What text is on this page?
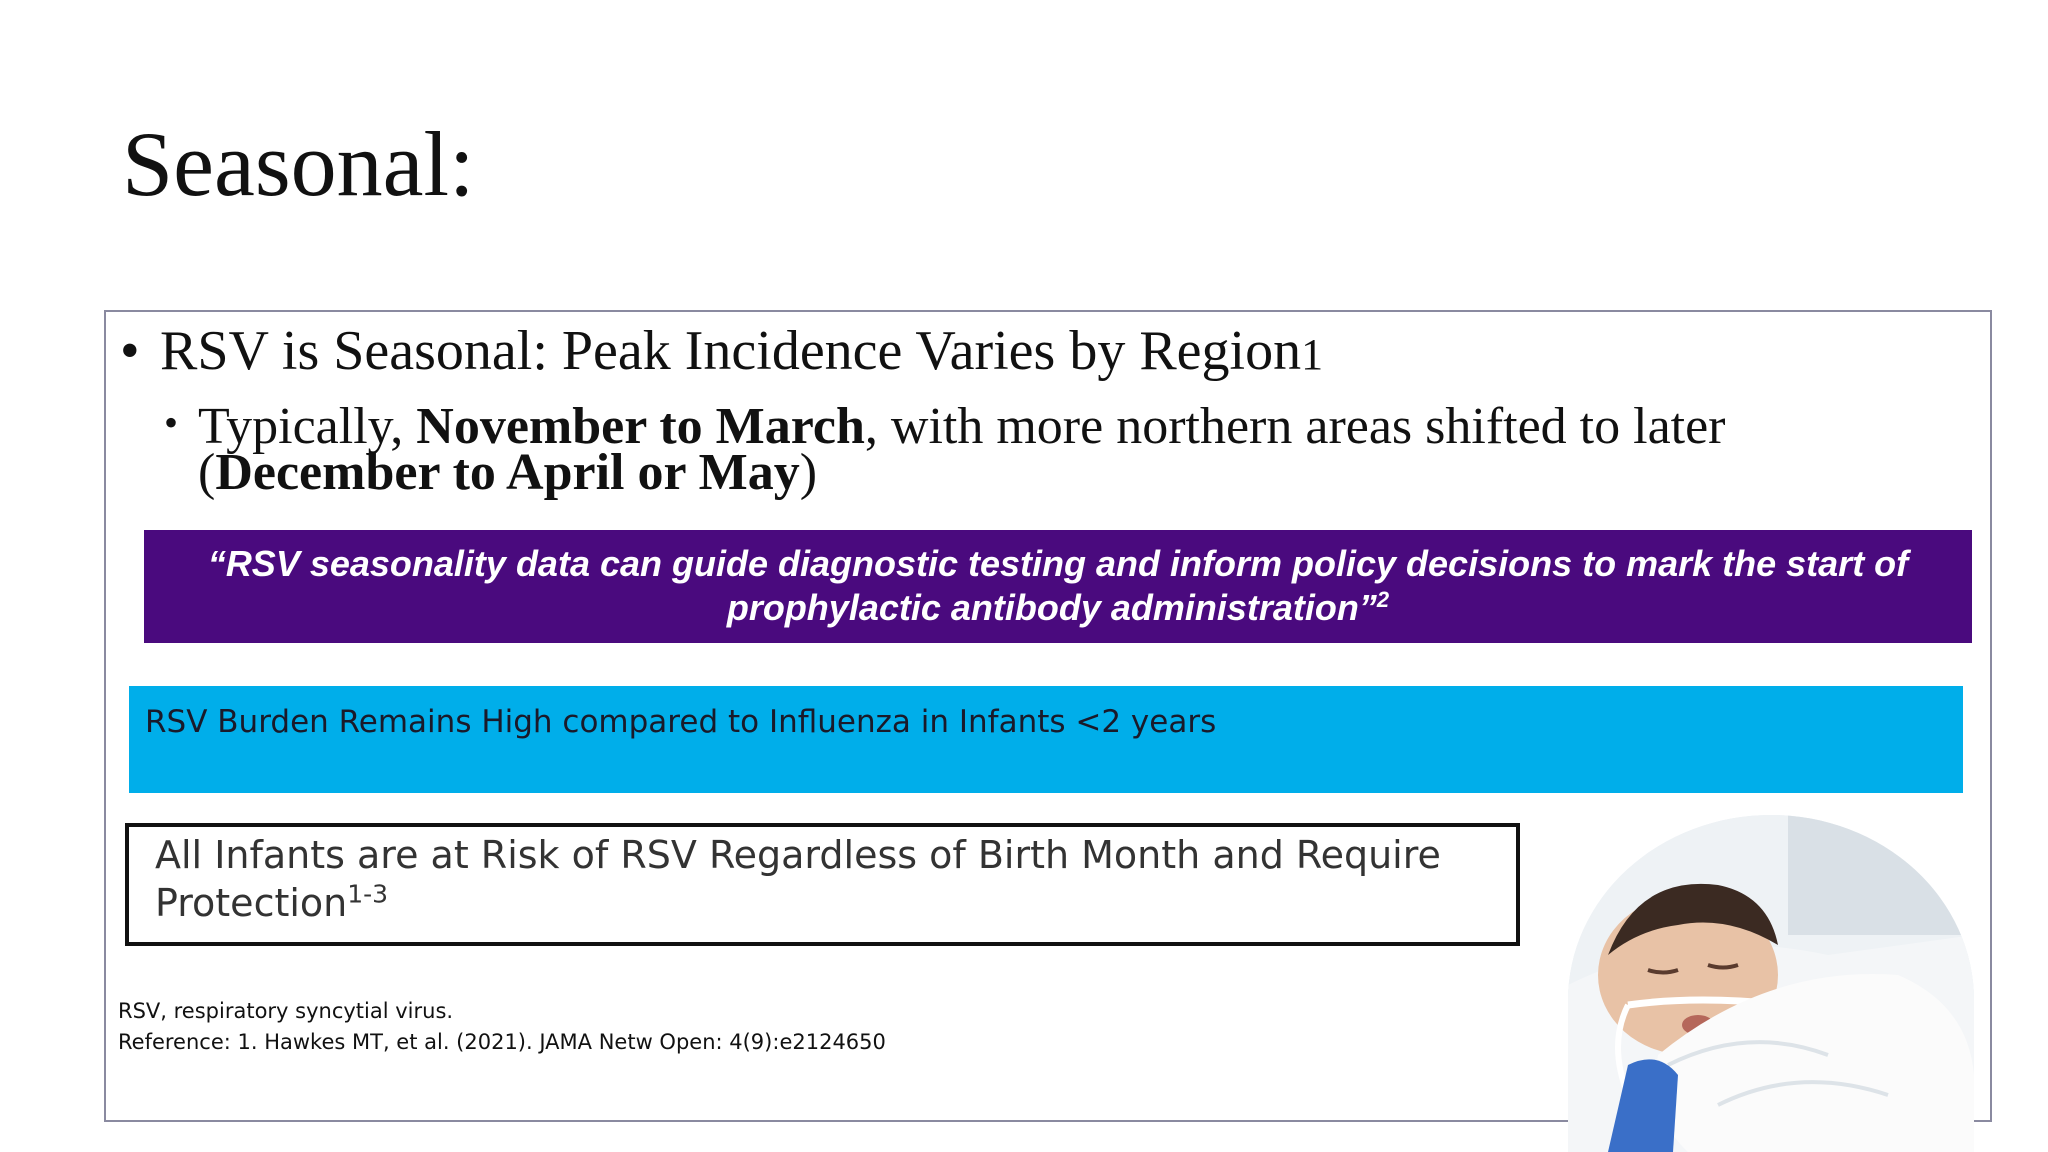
Seasonal:
• RSV is Seasonal: Peak Incidence Varies by Region1
• Typically, November to March, with more northern areas shifted to later (December to April or May)
“RSV seasonality data can guide diagnostic testing and inform policy decisions to mark the start of prophylactic antibody administration”$^2$
RSV Burden Remains High compared to Influenza in Infants <2 years
All Infants are at Risk of RSV Regardless of Birth Month and Require Protection$^{1-3}$
RSV, respiratory syncytial virus.
Reference: 1. Hawkes MT, et al. (2021). JAMA Netw Open: 4(9):e2124650
